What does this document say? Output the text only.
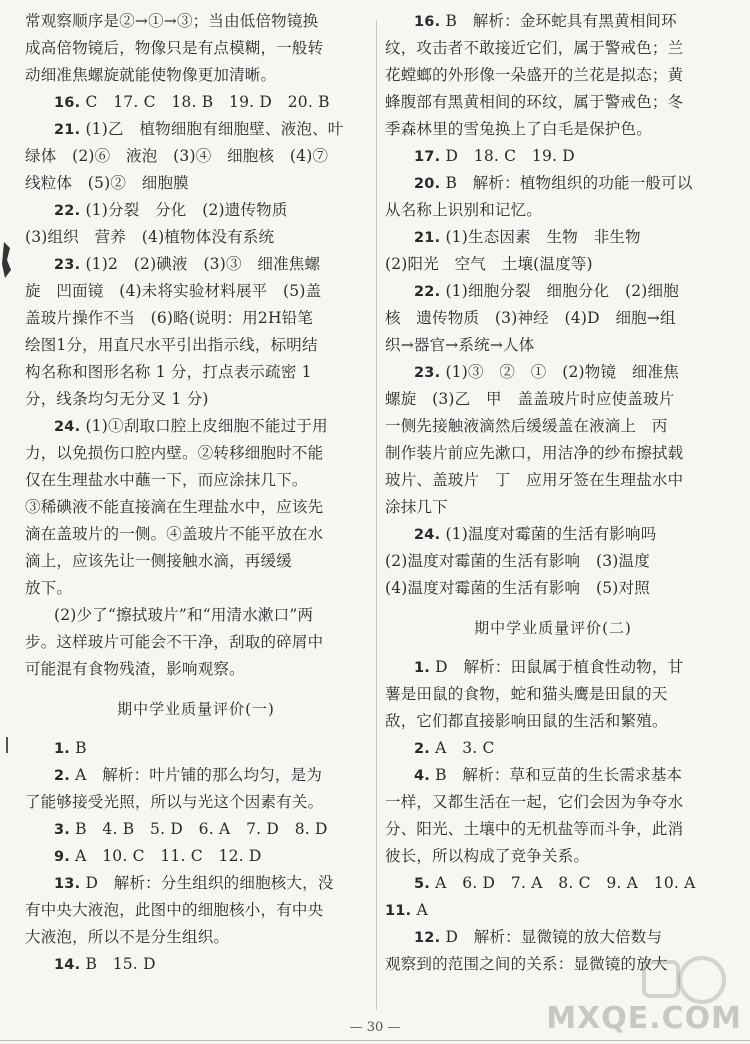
常观察顺序是②→①→③；当由低倍物镜换
成高倍物镜后，物像只是有点模糊，一般转
动细准焦螺旋就能使物像更加清晰。
16. C　17. C　18. B　19. D　20. B
21. (1)乙　植物细胞有细胞壁、液泡、叶
绿体　(2)⑥　液泡　(3)④　细胞核　(4)⑦
线粒体　(5)②　细胞膜
22. (1)分裂　分化　(2)遗传物质
(3)组织　营养　(4)植物体没有系统
23. (1)2　(2)碘液　(3)③　细准焦螺
旋　凹面镜　(4)未将实验材料展平　(5)盖
盖玻片操作不当　(6)略(说明：用2H铅笔
绘图1分，用直尺水平引出指示线，标明结
构名称和图形名称 1 分，打点表示疏密 1
分，线条均匀无分叉 1 分)
24. (1)①刮取口腔上皮细胞不能过于用
力，以免损伤口腔内壁。②转移细胞时不能
仅在生理盐水中蘸一下，而应涂抹几下。
③稀碘液不能直接滴在生理盐水中，应该先
滴在盖玻片的一侧。④盖玻片不能平放在水
滴上，应该先让一侧接触水滴，再缓缓
放下。
(2)少了“擦拭玻片”和“用清水漱口”两
步。这样玻片可能会不干净，刮取的碎屑中
可能混有食物残渣，影响观察。
期中学业质量评价(一)
1. B
2. A　解析：叶片铺的那么均匀，是为
了能够接受光照，所以与光这个因素有关。
3. B　4. B　5. D　6. A　7. D　8. D
9. A　10. C　11. C　12. D
13. D　解析：分生组织的细胞核大，没
有中央大液泡，此图中的细胞核小，有中央
大液泡，所以不是分生组织。
14. B　15. D
16. B　解析：金环蛇具有黑黄相间环
纹，攻击者不敢接近它们，属于警戒色；兰
花螳螂的外形像一朵盛开的兰花是拟态；黄
蜂腹部有黑黄相间的环纹，属于警戒色；冬
季森林里的雪兔换上了白毛是保护色。
17. D　18. C　19. D
20. B　解析：植物组织的功能一般可以
从名称上识别和记忆。
21. (1)生态因素　生物　非生物
(2)阳光　空气　土壤(温度等)
22. (1)细胞分裂　细胞分化　(2)细胞
核　遗传物质　(3)神经　(4)D　细胞→组
织→器官→系统→人体
23. (1)③　②　①　(2)物镜　细准焦
螺旋　(3)乙　甲　盖盖玻片时应使盖玻片
一侧先接触液滴然后缓缓盖在液滴上　丙
制作装片前应先漱口，用洁净的纱布擦拭载
玻片、盖玻片　丁　应用牙签在生理盐水中
涂抹几下
24. (1)温度对霉菌的生活有影响吗
(2)温度对霉菌的生活有影响　(3)温度
(4)温度对霉菌的生活有影响　(5)对照
期中学业质量评价(二)
1. D　解析：田鼠属于植食性动物，甘
薯是田鼠的食物，蛇和猫头鹰是田鼠的天
敌，它们都直接影响田鼠的生活和繁殖。
2. A　3. C
4. B　解析：草和豆苗的生长需求基本
一样，又都生活在一起，它们会因为争夺水
分、阳光、土壤中的无机盐等而斗争，此消
彼长，所以构成了竞争关系。
5. A　6. D　7. A　8. C　9. A　10. A
11. A
12. D　解析：显微镜的放大倍数与
观察到的范围之间的关系：显微镜的放大
— 30 —	MXQE.COM
